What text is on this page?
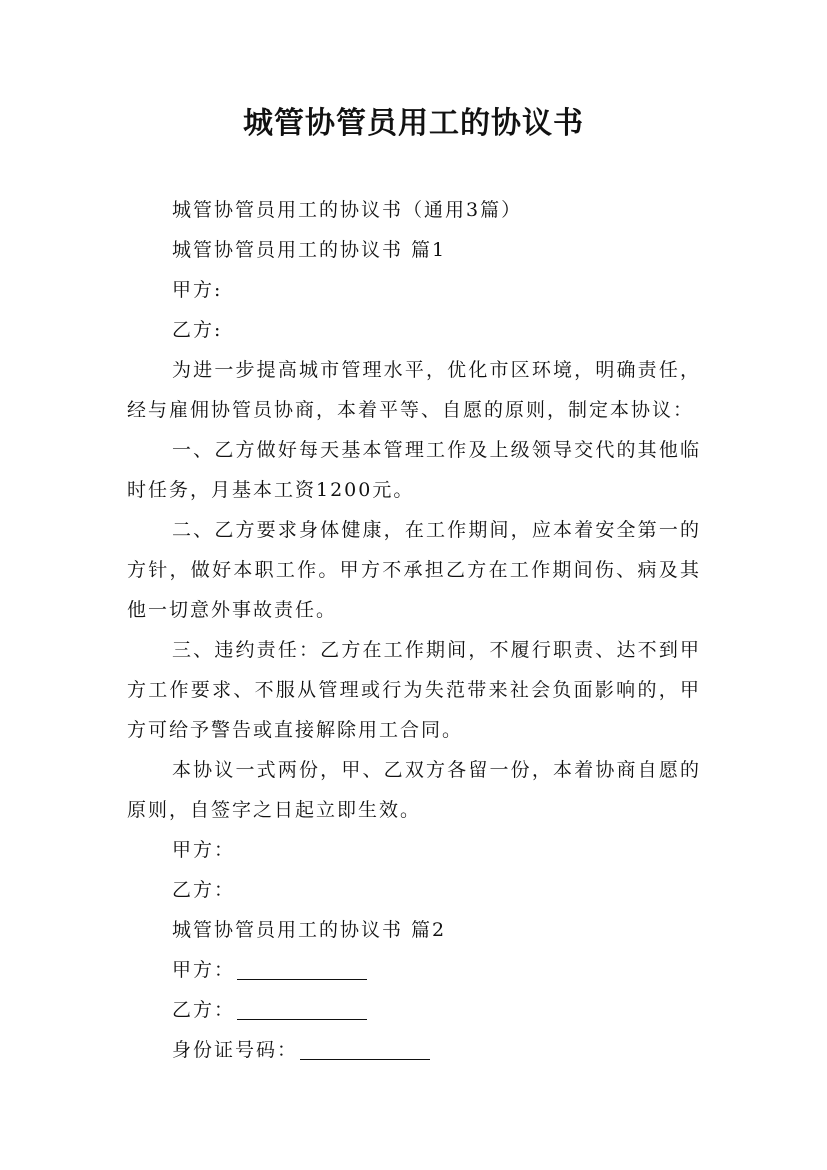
城管协管员用工的协议书
城管协管员用工的协议书（通用3篇）
城管协管员用工的协议书 篇1
甲方:
乙方:
为进一步提高城市管理水平，优化市区环境，明确责任，经与雇佣协管员协商，本着平等、自愿的原则，制定本协议：
一、乙方做好每天基本管理工作及上级领导交代的其他临时任务，月基本工资1200元。
二、乙方要求身体健康，在工作期间，应本着安全第一的方针，做好本职工作。甲方不承担乙方在工作期间伤、病及其他一切意外事故责任。
三、违约责任：乙方在工作期间，不履行职责、达不到甲方工作要求、不服从管理或行为失范带来社会负面影响的，甲方可给予警告或直接解除用工合同。
本协议一式两份，甲、乙双方各留一份，本着协商自愿的原则，自签字之日起立即生效。
甲方：
乙方：
城管协管员用工的协议书 篇2
甲方：
乙方：
身份证号码：
